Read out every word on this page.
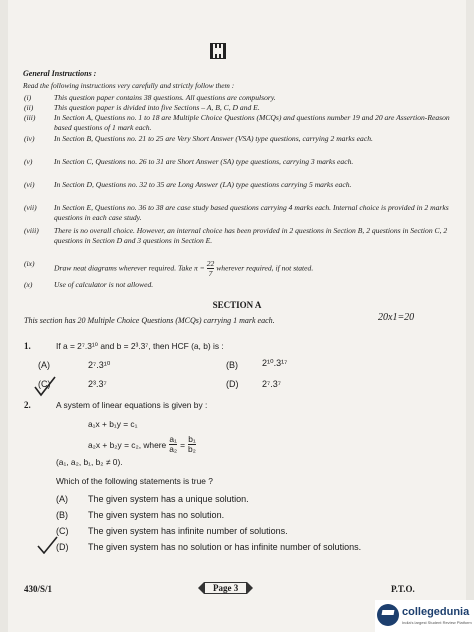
General Instructions :
Read the following instructions very carefully and strictly follow them :
(i)	This question paper contains 38 questions. All questions are compulsory.
(ii)	This question paper is divided into five Sections – A, B, C, D and E.
(iii)	In Section A, Questions no. 1 to 18 are Multiple Choice Questions (MCQs) and questions number 19 and 20 are Assertion-Reason based questions of 1 mark each.
(iv)	In Section B, Questions no. 21 to 25 are Very Short Answer (VSA) type questions, carrying 2 marks each.
(v)	In Section C, Questions no. 26 to 31 are Short Answer (SA) type questions, carrying 3 marks each.
(vi)	In Section D, Questions no. 32 to 35 are Long Answer (LA) type questions carrying 5 marks each.
(vii)	In Section E, Questions no. 36 to 38 are case study based questions carrying 4 marks each. Internal choice is provided in 2 marks questions in each case study.
(viii)	There is no overall choice. However, an internal choice has been provided in 2 questions in Section B, 2 questions in Section C, 2 questions in Section D and 3 questions in Section E.
(ix)	Draw neat diagrams wherever required. Take $\pi = \frac{22}{7}$ wherever required, if not stated.
(x)	Use of calculator is not allowed.
SECTION A
This section has 20 Multiple Choice Questions (MCQs) carrying 1 mark each.	20x1=20
1.	If a = 2⁷.3¹⁰ and b = 2³.3⁷, then HCF (a, b) is :
(A)	2⁷.3¹⁰	(B)	2¹⁰.3¹⁷
(C)	2³.3⁷	(D)	2⁷.3⁷
2.	A system of linear equations is given by :
a₁x + b₁y = c₁
a₂x + b₂y = c₂, where $\frac{\text{a₁}}{\text{a₂}} = \frac{\text{b₁}}{\text{b₂}}$
(a₁, a₂, b₁, b₂ ≠ 0).
Which of the following statements is true ?
(A) The given system has a unique solution.
(B) The given system has no solution.
(C) The given system has infinite number of solutions.
(D) The given system has no solution or has infinite number of solutions.
430/S/1	Page 3	P.T.O.
collegedunia
India's largest Student Review Platform
